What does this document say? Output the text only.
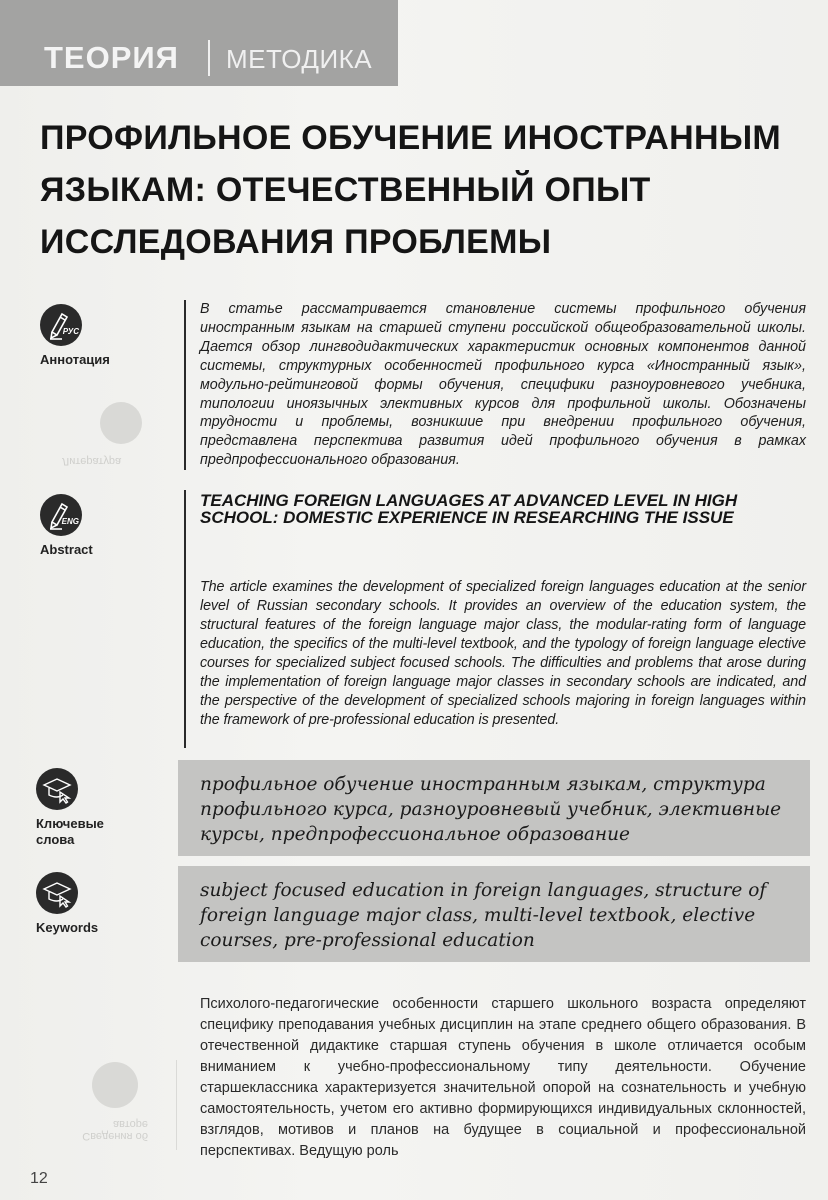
ТЕОРИЯ МЕТОДИКА
ПРОФИЛЬНОЕ ОБУЧЕНИЕ ИНОСТРАННЫМ ЯЗЫКАМ: ОТЕЧЕСТВЕННЫЙ ОПЫТ ИССЛЕДОВАНИЯ ПРОБЛЕМЫ
РУС
Аннотация
В статье рассматривается становление системы профильного обучения иностранным языкам на старшей ступени российской общеобразовательной школы. Дается обзор лингводидактических характеристик основных компонентов данной системы, структурных особенностей профильного курса «Иностранный язык», модульно-рейтинговой формы обучения, специфики разноуровневого учебника, типологии иноязычных элективных курсов для профильной школы. Обозначены трудности и проблемы, возникшие при внедрении профильного обучения, представлена перспектива развития идей профильного обучения в рамках предпрофессионального образования.
Литература
ENG
Abstract
TEACHING FOREIGN LANGUAGES AT ADVANCED LEVEL IN HIGH SCHOOL: DOMESTIC EXPERIENCE IN RESEARCHING THE ISSUE
The article examines the development of specialized foreign languages education at the senior level of Russian secondary schools. It provides an overview of the education system, the structural features of the foreign language major class, the modular-rating form of language education, the specifics of the multi-level textbook, and the typology of foreign language elective courses for specialized subject focused schools. The difficulties and problems that arose during the implementation of foreign language major classes in secondary schools are indicated, and the perspective of the development of specialized schools majoring in foreign languages within the framework of pre-professional education is presented.
Ключевые слова
профильное обучение иностранным языкам, структура профильного курса, разноуровневый учебник, элективные курсы, предпрофессиональное образование
Keywords
subject focused education in foreign languages, structure of foreign language major class, multi-level textbook, elective courses, pre-professional education
Сведения об авторе
Психолого-педагогические особенности старшего школьного возраста определяют специфику преподавания учебных дисциплин на этапе среднего общего образования. В отечественной дидактике старшая ступень обучения в школе отличается особым вниманием к учебно-профессиональному типу деятельности. Обучение старшеклассника характеризуется значительной опорой на сознательность и учебную самостоятельность, учетом его активно формирующихся индивидуальных склонностей, взглядов, мотивов и планов на будущее в социальной и профессиональной перспективах. Ведущую роль
12
